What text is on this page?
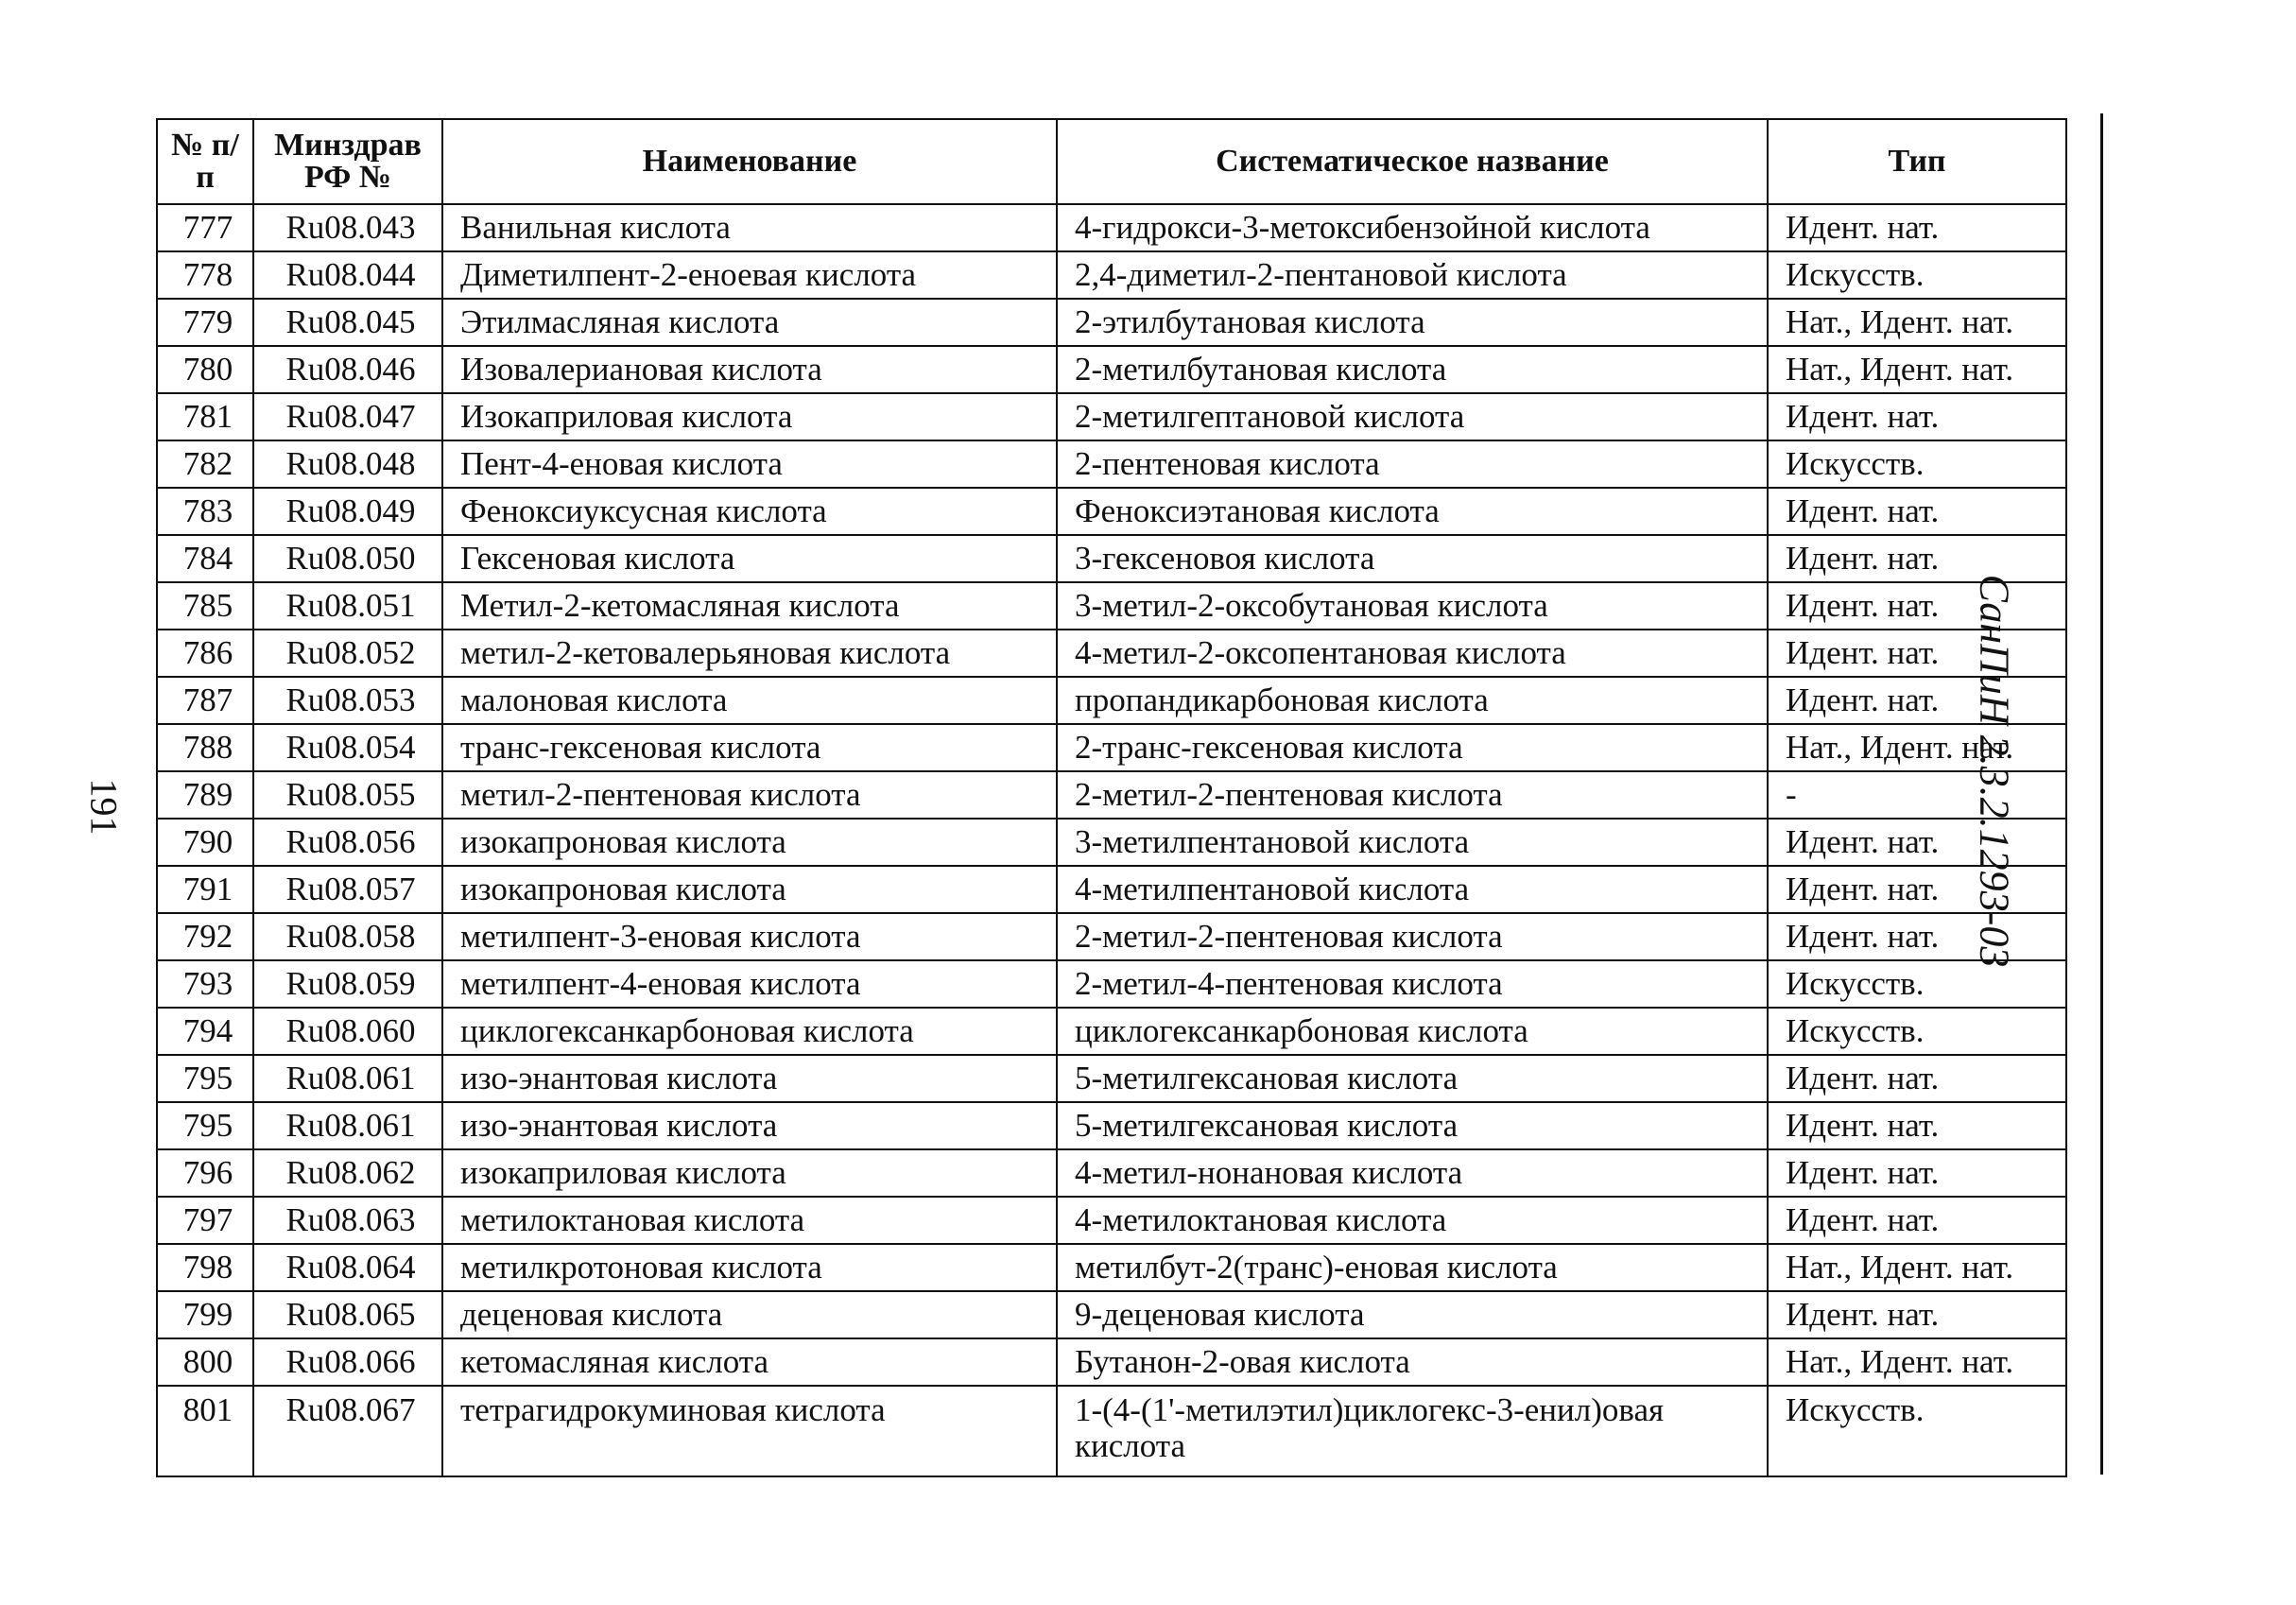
191	СанПиН 2.3.2.1293-03
№ п/п	Минздрав РФ №	Наименование	Систематическое название	Тип
777	Ru08.043	Ванильная кислота	4-гидрокси-3-метоксибензойной кислота	Идент. нат.
778	Ru08.044	Диметилпент-2-еноевая кислота	2,4-диметил-2-пентановой кислота	Искусств.
779	Ru08.045	Этилмасляная кислота	2-этилбутановая кислота	Нат., Идент. нат.
780	Ru08.046	Изовалериановая кислота	2-метилбутановая кислота	Нат., Идент. нат.
781	Ru08.047	Изокаприловая кислота	2-метилгептановой кислота	Идент. нат.
782	Ru08.048	Пент-4-еновая кислота	2-пентеновая кислота	Искусств.
783	Ru08.049	Феноксиуксусная кислота	Феноксиэтановая кислота	Идент. нат.
784	Ru08.050	Гексеновая кислота	3-гексеновоя кислота	Идент. нат.
785	Ru08.051	Метил-2-кетомасляная кислота	3-метил-2-оксобутановая кислота	Идент. нат.
786	Ru08.052	метил-2-кетовалерьяновая кислота	4-метил-2-оксопентановая кислота	Идент. нат.
787	Ru08.053	малоновая кислота	пропандикарбоновая кислота	Идент. нат.
788	Ru08.054	транс-гексеновая кислота	2-транс-гексеновая кислота	Нат., Идент. нат.
789	Ru08.055	метил-2-пентеновая кислота	2-метил-2-пентеновая кислота	-
790	Ru08.056	изокапроновая кислота	3-метилпентановой кислота	Идент. нат.
791	Ru08.057	изокапроновая кислота	4-метилпентановой кислота	Идент. нат.
792	Ru08.058	метилпент-3-еновая кислота	2-метил-2-пентеновая кислота	Идент. нат.
793	Ru08.059	метилпент-4-еновая кислота	2-метил-4-пентеновая кислота	Искусств.
794	Ru08.060	циклогексанкарбоновая кислота	циклогексанкарбоновая кислота	Искусств.
795	Ru08.061	изо-энантовая кислота	5-метилгексановая кислота	Идент. нат.
795	Ru08.061	изо-энантовая кислота	5-метилгексановая кислота	Идент. нат.
796	Ru08.062	изокаприловая кислота	4-метил-нонановая кислота	Идент. нат.
797	Ru08.063	метилоктановая кислота	4-метилоктановая кислота	Идент. нат.
798	Ru08.064	метилкротоновая кислота	метилбут-2(транс)-еновая кислота	Нат., Идент. нат.
799	Ru08.065	деценовая кислота	9-деценовая кислота	Идент. нат.
800	Ru08.066	кетомасляная кислота	Бутанон-2-овая кислота	Нат., Идент. нат.
801	Ru08.067	тетрагидрокуминовая кислота	1-(4-(1'-метилэтил)циклогекс-3-енил)овая кислота	Искусств.
